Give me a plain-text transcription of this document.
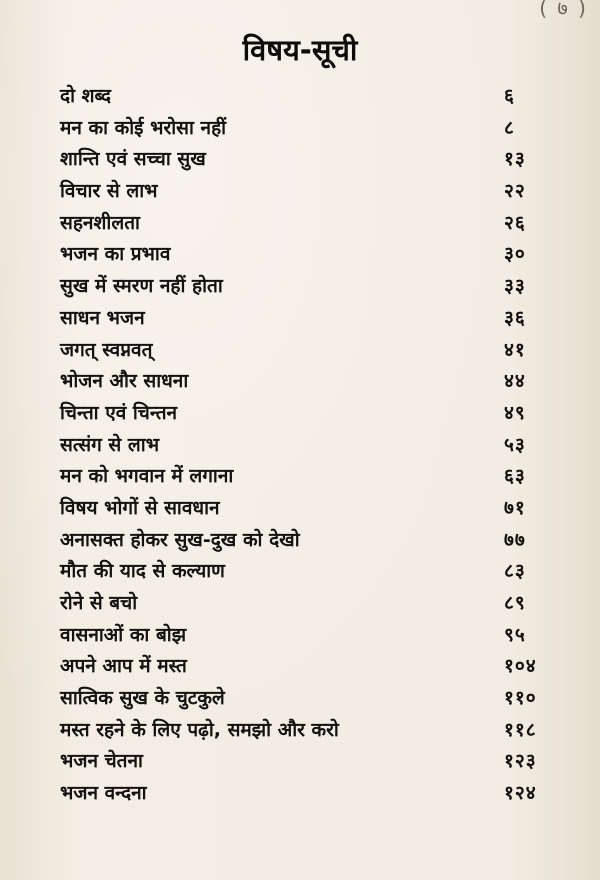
( ७ )
विषय-सूची
दो शब्द	६
मन का कोई भरोसा नहीं	८
शान्ति एवं सच्चा सुख	१३
विचार से लाभ	२२
सहनशीलता	२६
भजन का प्रभाव	३०
सुख में स्मरण नहीं होता	३३
साधन भजन	३६
जगत् स्वप्नवत्	४१
भोजन और साधना	४४
चिन्ता एवं चिन्तन	४९
सत्संग से लाभ	५३
मन को भगवान में लगाना	६३
विषय भोगों से सावधान	७१
अनासक्त होकर सुख-दुख को देखो	७७
मौत की याद से कल्याण	८३
रोने से बचो	८९
वासनाओं का बोझ	९५
अपने आप में मस्त	१०४
सात्विक सुख के चुटकुले	११०
मस्त रहने के लिए पढ़ो, समझो और करो	११८
भजन चेतना	१२३
भजन वन्दना	१२४
